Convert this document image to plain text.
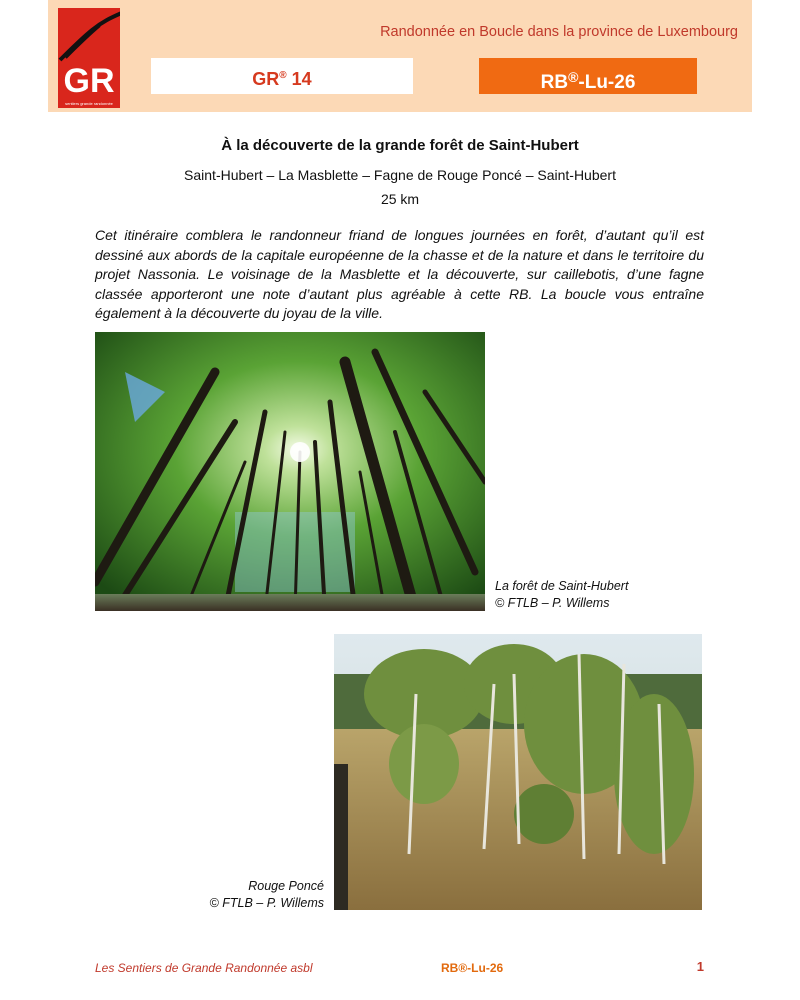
GR
sentiers grande randonnée
Randonnée en Boucle dans la province de Luxembourg
GR® 14	RB®-Lu-26
À la découverte de la grande forêt de Saint-Hubert
Saint-Hubert – La Masblette – Fagne de Rouge Poncé – Saint-Hubert
25 km

Cet itinéraire comblera le randonneur friand de longues journées en forêt, d’autant qu’il est dessiné aux abords de la capitale européenne de la chasse et de la nature et dans le territoire du projet Nassonia. Le voisinage de la Masblette et la découverte, sur caillebotis, d’une fagne classée apporteront une note d’autant plus agréable à cette RB. La boucle vous entraîne également à la découverte du joyau de la ville.

La forêt de Saint-Hubert
© FTLB – P. Willems
Rouge Poncé
© FTLB – P. Willems
Les Sentiers de Grande Randonnée asbl	RB®-Lu-26	1
